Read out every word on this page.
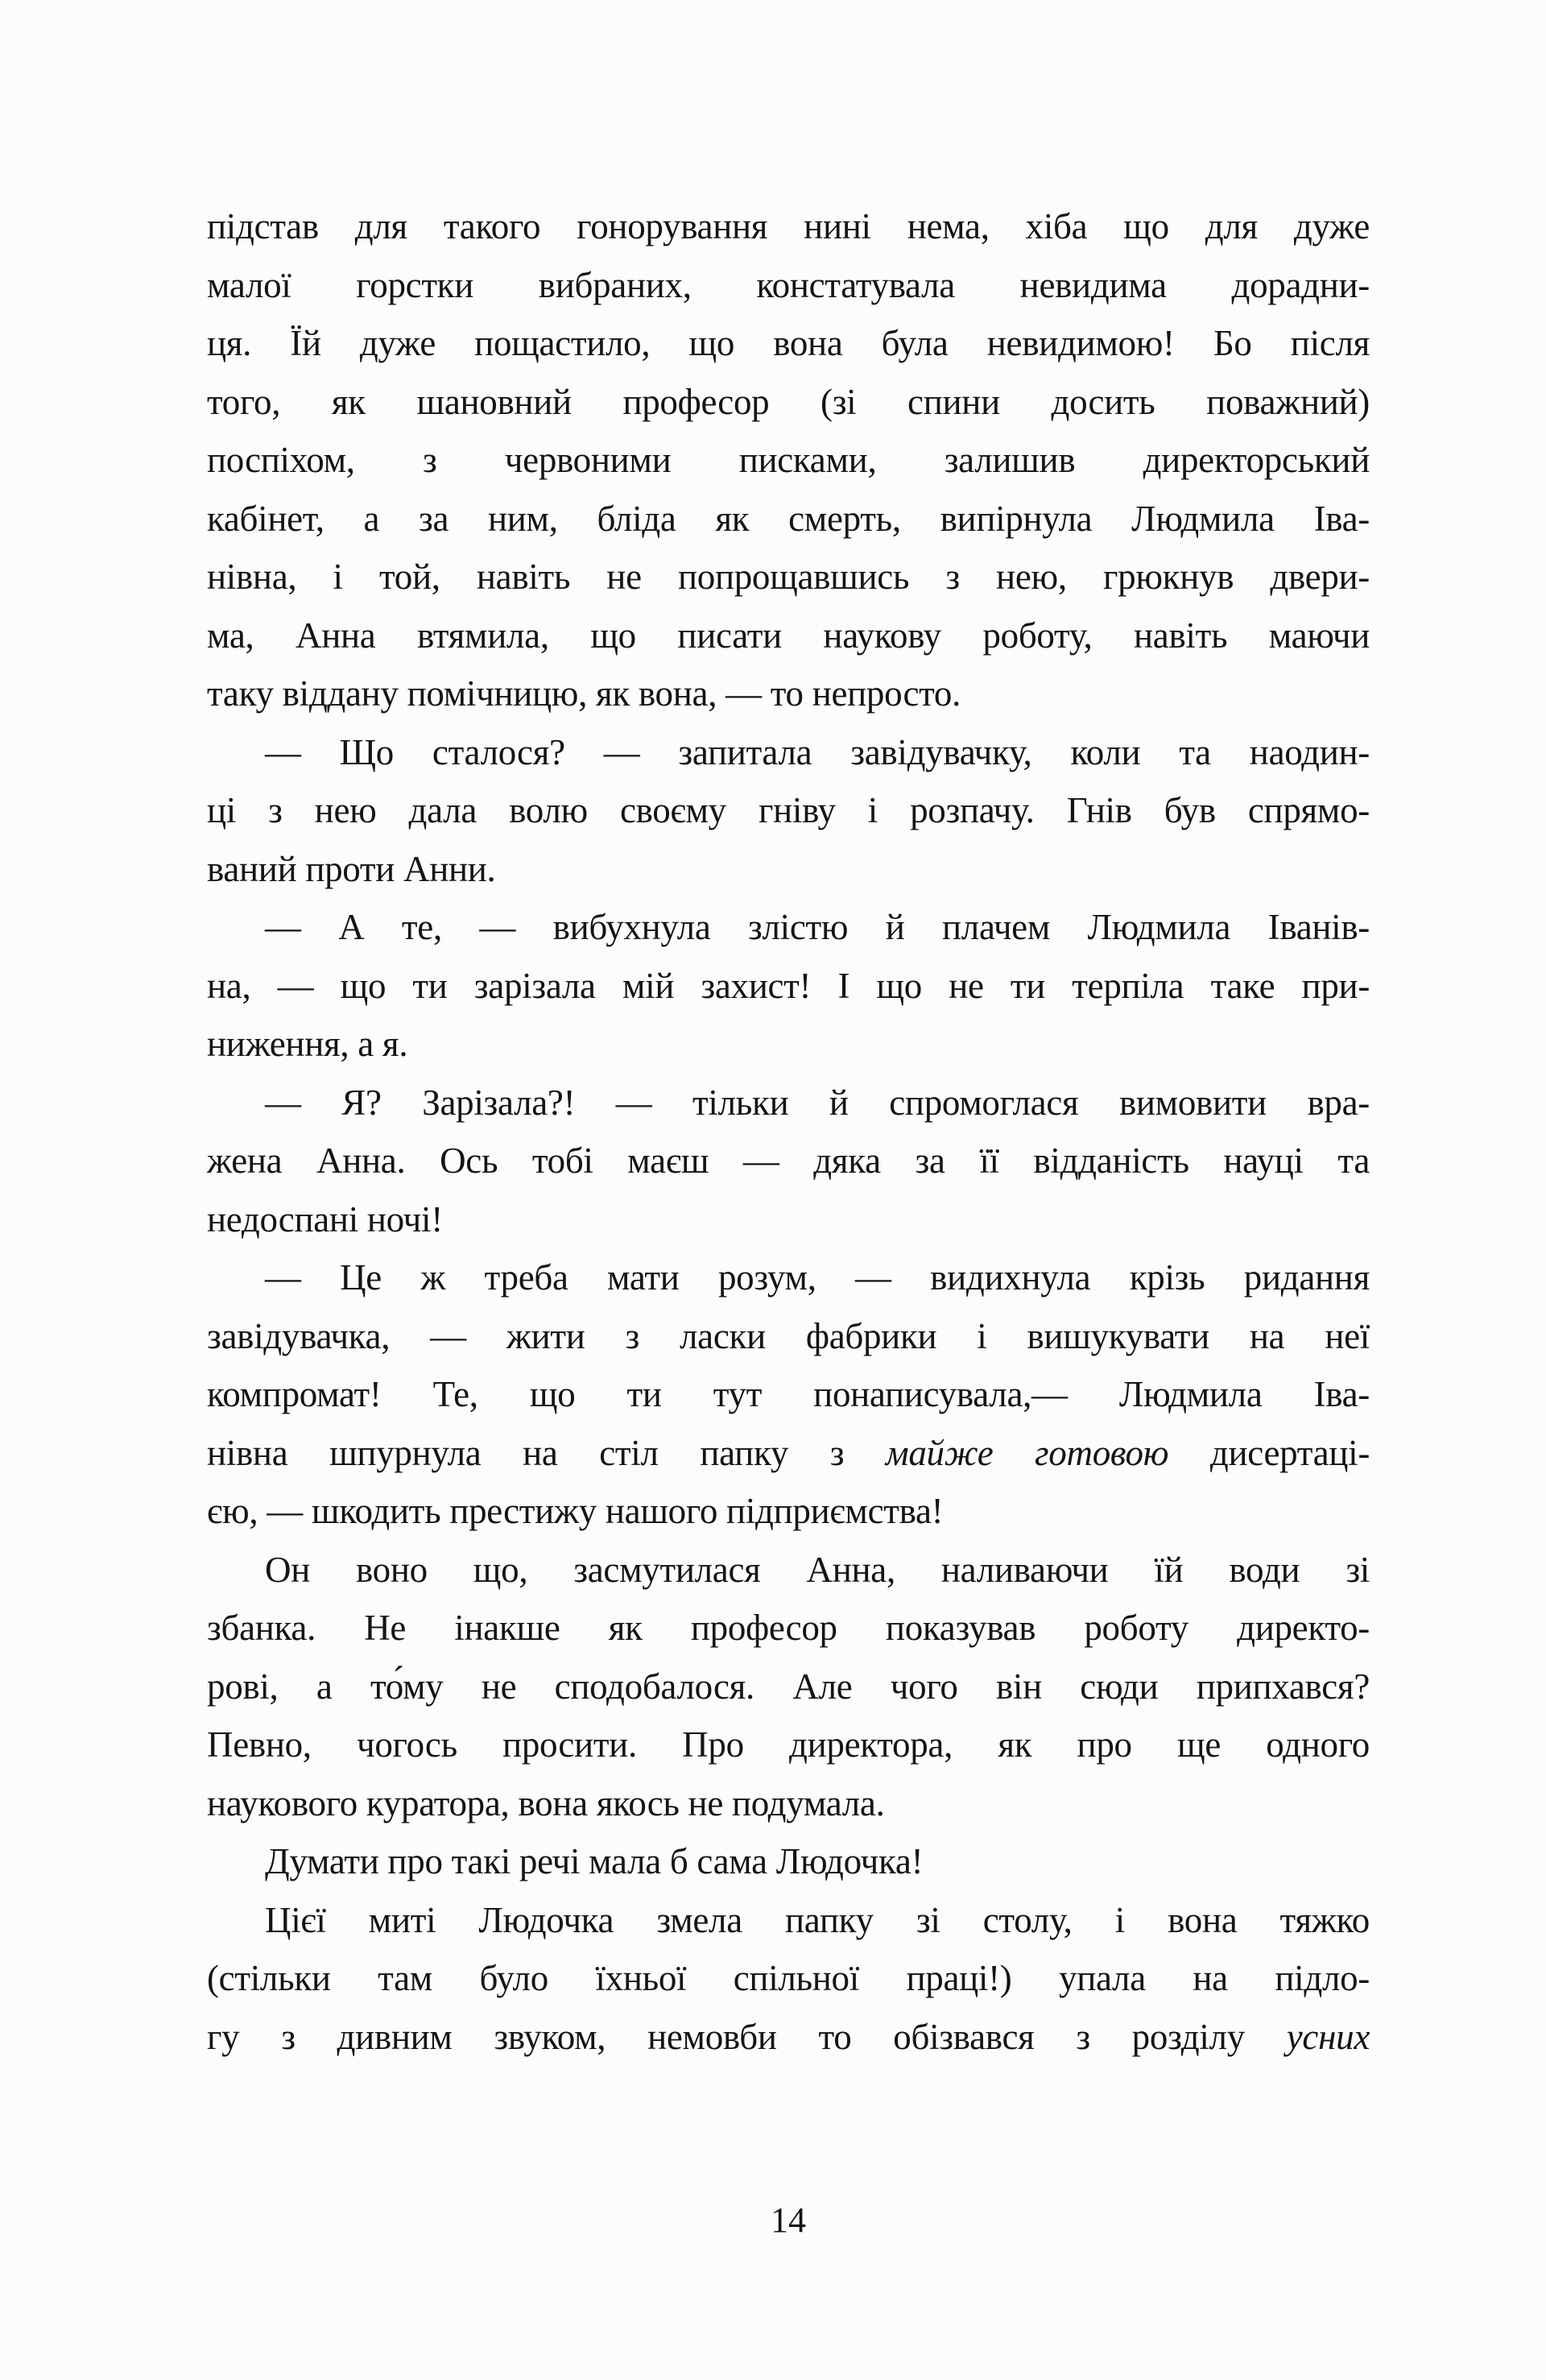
підстав для такого гонорування нині нема, хіба що для дуже
малої горстки вибраних, констатувала невидима дорадни-
ця. Їй дуже пощастило, що вона була невидимою! Бо після
того, як шановний професор (зі спини досить поважний)
поспіхом, з червоними писками, залишив директорський
кабінет, а за ним, бліда як смерть, випірнула Людмила Іва-
нівна, і той, навіть не попрощавшись з нею, грюкнув двери-
ма, Анна втямила, що писати наукову роботу, навіть маючи
таку віддану помічницю, як вона, — то непросто.
— Що сталося? — запитала завідувачку, коли та наодин-
ці з нею дала волю своєму гніву і розпачу. Гнів був спрямо-
ваний проти Анни.
— А те, — вибухнула злістю й плачем Людмила Іванів-
на, — що ти зарізала мій захист! І що не ти терпіла таке при-
ниження, а я.
— Я? Зарізала?! — тільки й спромоглася вимовити вра-
жена Анна. Ось тобі маєш — дяка за її відданість науці та
недоспані ночі!
— Це ж треба мати розум, — видихнула крізь ридання
завідувачка, — жити з ласки фабрики і вишукувати на неї
компромат! Те, що ти тут понаписувала,— Людмила Іва-
нівна шпурнула на стіл папку з майже готовою дисертаці-
єю, — шкодить престижу нашого підприємства!
Он воно що, засмутилася Анна, наливаючи їй води зі
збанка. Не інакше як професор показував роботу директо-
рові, а то́му не сподобалося. Але чого він сюди припхався?
Певно, чогось просити. Про директора, як про ще одного
наукового куратора, вона якось не подумала.
Думати про такі речі мала б сама Людочка!
Цієї миті Людочка змела папку зі столу, і вона тяжко
(стільки там було їхньої спільної праці!) упала на підло-
гу з дивним звуком, немовби то обізвався з розділу усних
14
